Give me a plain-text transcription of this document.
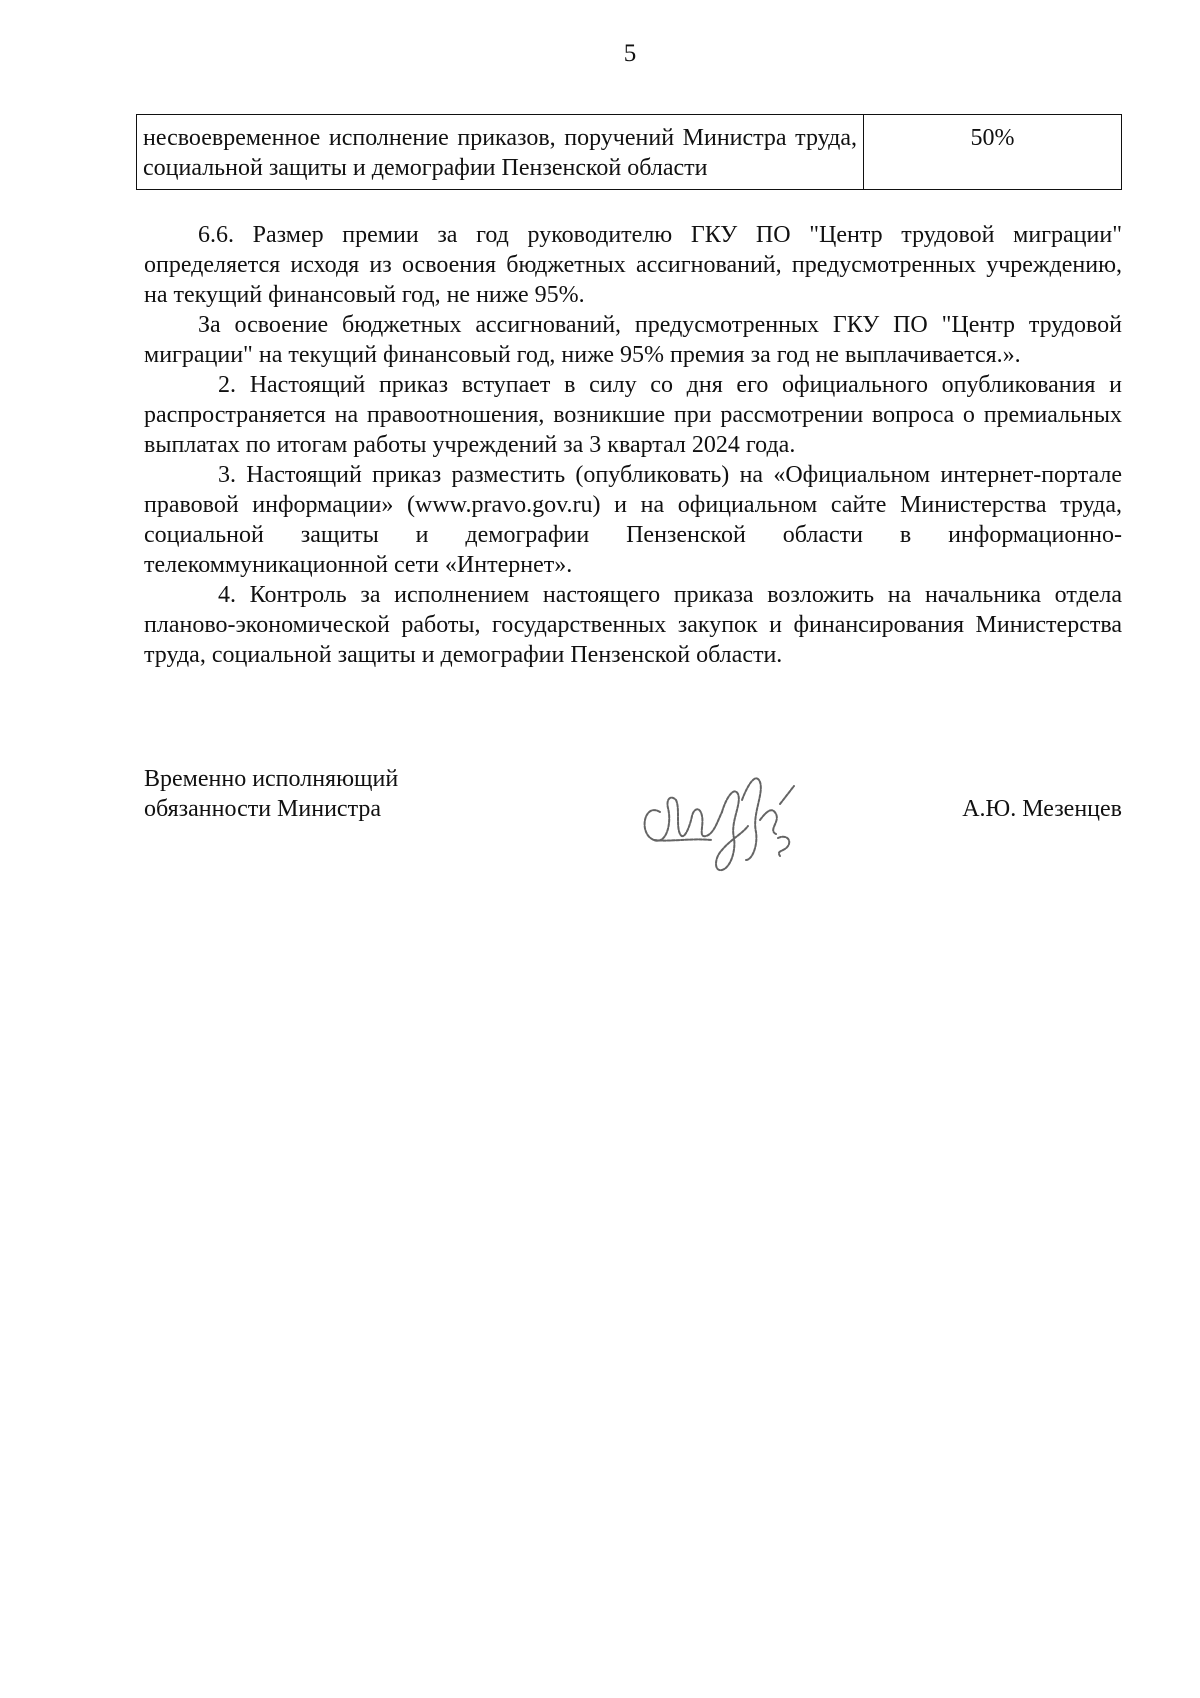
5
несвоевременное исполнение приказов, поручений Министра труда, социальной защиты и демографии Пензенской области	50%

6.6. Размер премии за год руководителю ГКУ ПО "Центр трудовой миграции" определяется исходя из освоения бюджетных ассигнований, предусмотренных учреждению, на текущий финансовый год, не ниже 95%.

За освоение бюджетных ассигнований, предусмотренных ГКУ ПО "Центр трудовой миграции" на текущий финансовый год, ниже 95% премия за год не выплачивается.».

2. Настоящий приказ вступает в силу со дня его официального опубликования и распространяется на правоотношения, возникшие при рассмотрении вопроса о премиальных выплатах по итогам работы учреждений за 3 квартал 2024 года.

3. Настоящий приказ разместить (опубликовать) на «Официальном интернет-портале правовой информации» (www.pravo.gov.ru) и на официальном сайте Министерства труда, социальной защиты и демографии Пензенской области в информационно-телекоммуникационной сети «Интернет».

4. Контроль за исполнением настоящего приказа возложить на начальника отдела планово-экономической работы, государственных закупок и финансирования Министерства труда, социальной защиты и демографии Пензенской области.

Временно исполняющий
обязанности Министра	А.Ю. Мезенцев
